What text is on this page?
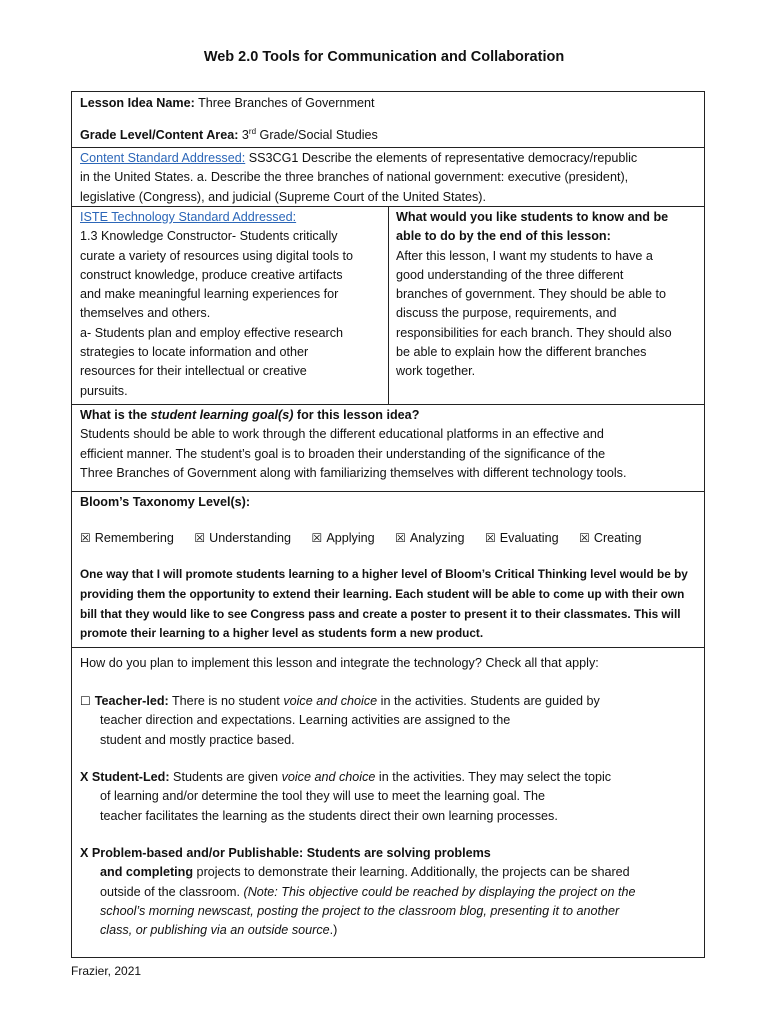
Web 2.0 Tools for Communication and Collaboration
Lesson Idea Name: Three Branches of Government
Grade Level/Content Area: 3rd Grade/Social Studies
Content Standard Addressed: SS3CG1 Describe the elements of representative democracy/republic
in the United States. a. Describe the three branches of national government: executive (president),
legislative (Congress), and judicial (Supreme Court of the United States).
ISTE Technology Standard Addressed:
1.3 Knowledge Constructor- Students critically
curate a variety of resources using digital tools to
construct knowledge, produce creative artifacts
and make meaningful learning experiences for
themselves and others.
a- Students plan and employ effective research
strategies to locate information and other
resources for their intellectual or creative
pursuits.
What would you like students to know and be
able to do by the end of this lesson:
After this lesson, I want my students to have a
good understanding of the three different
branches of government. They should be able to
discuss the purpose, requirements, and
responsibilities for each branch. They should also
be able to explain how the different branches
work together.
What is the student learning goal(s) for this lesson idea?
Students should be able to work through the different educational platforms in an effective and
efficient manner. The student’s goal is to broaden their understanding of the significance of the
Three Branches of Government along with familiarizing themselves with different technology tools.
Bloom’s Taxonomy Level(s):
☒ Remembering ☒ Understanding ☒ Applying ☒ Analyzing ☒ Evaluating ☒ Creating
One way that I will promote students learning to a higher level of Bloom’s Critical Thinking level would be by
providing them the opportunity to extend their learning. Each student will be able to come up with their own
bill that they would like to see Congress pass and create a poster to present it to their classmates. This will
promote their learning to a higher level as students form a new product.
How do you plan to implement this lesson and integrate the technology? Check all that apply:
☐ Teacher-led: There is no student voice and choice in the activities. Students are guided by
teacher direction and expectations. Learning activities are assigned to the
student and mostly practice based.
X Student-Led: Students are given voice and choice in the activities. They may select the topic
of learning and/or determine the tool they will use to meet the learning goal. The
teacher facilitates the learning as the students direct their own learning processes.
X Problem-based and/or Publishable: Students are solving problems
and completing projects to demonstrate their learning. Additionally, the projects can be shared
outside of the classroom. (Note: This objective could be reached by displaying the project on the
school’s morning newscast, posting the project to the classroom blog, presenting it to another
class, or publishing via an outside source.)
Frazier, 2021
